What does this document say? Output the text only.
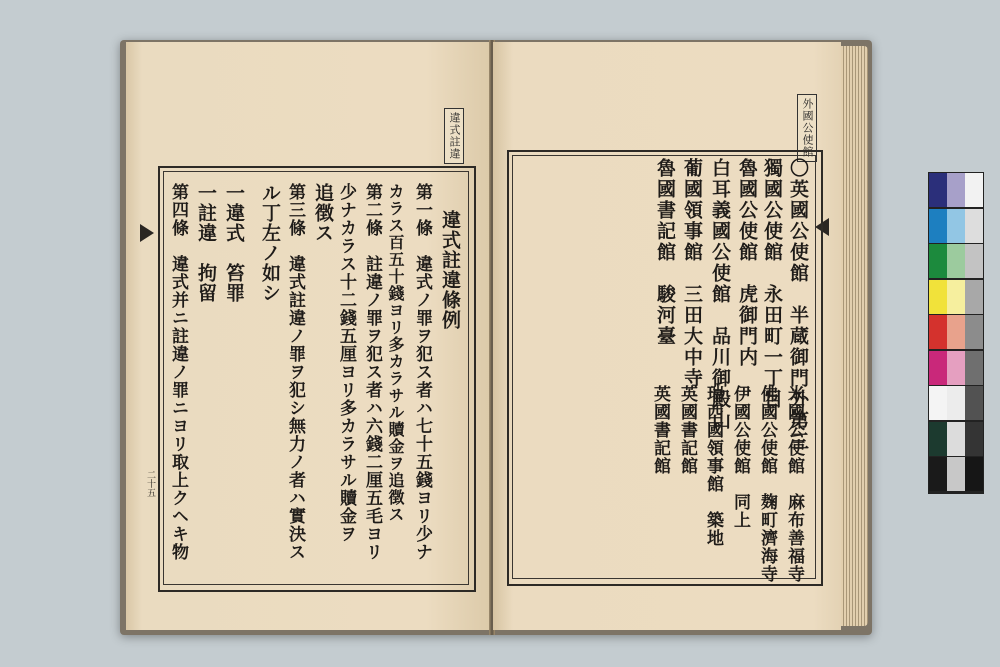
違式註違
違式註違條例
第一條　違式ノ罪ヲ犯ス者ハ七十五錢ヨリ少ナ
カラス百五十錢ヨリ多カラサル贖金ヲ追徴ス
第二條　註違ノ罪ヲ犯ス者ハ六錢二厘五毛ヨリ
少ナカラス十二錢五厘ヨリ多カラサル贖金ヲ
追徴ス
第三條　違式註違ノ罪ヲ犯シ無力ノ者ハ實決ス
ル丁左ノ如シ
一違式　笞罪
一註違　拘留
第四條　違式并ニ註違ノ罪ニヨリ取上クヘキ物
二十五
外國公使館
〇英國公使館　半蔵御門外第三
獨國公使館　永田町一丁目
魯國公使館　虎御門内
白耳義國公使館　品川御殿山
葡國領事館　三田大中寺
魯國書記館　駿河臺
米國公使館　麻布善福寺
佛國公使館　麹町濟海寺
伊國公使館　同上
瑞西國領事館　築地
英國書記館
英國書記館
